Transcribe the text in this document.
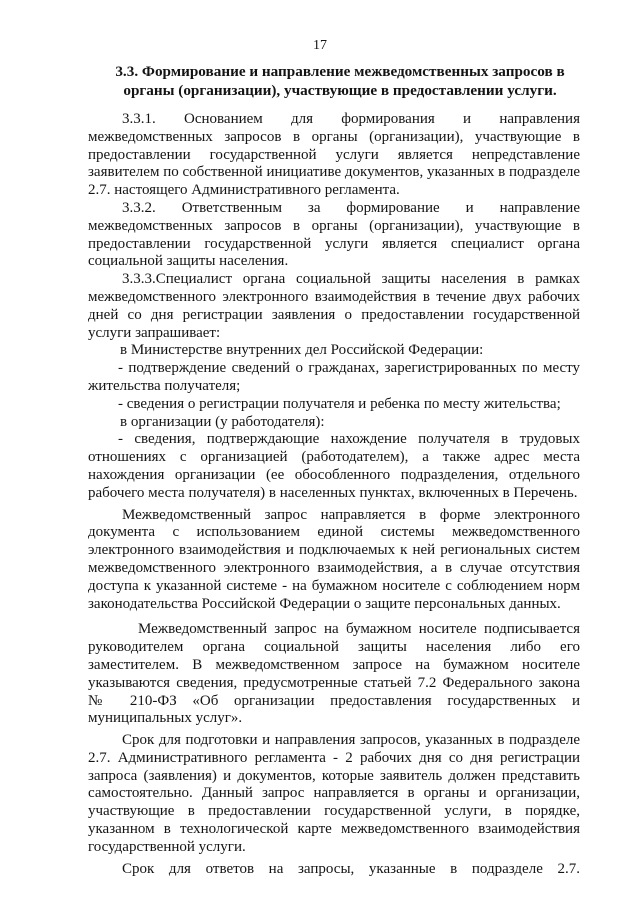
17
3.3. Формирование и направление межведомственных запросов в органы (организации), участвующие в предоставлении услуги.

3.3.1. Основанием для формирования и направления межведомственных запросов в органы (организации), участвующие в предоставлении государственной услуги является непредставление заявителем по собственной инициативе документов, указанных в подразделе 2.7. настоящего Административного регламента.

3.3.2. Ответственным за формирование и направление межведомственных запросов в органы (организации), участвующие в предоставлении государственной услуги является специалист органа социальной защиты населения.

3.3.3.Специалист органа социальной защиты населения в рамках межведомственного электронного взаимодействия в течение двух рабочих дней со дня регистрации заявления о предоставлении государственной услуги запрашивает:

в Министерстве внутренних дел Российской Федерации:

- подтверждение сведений о гражданах, зарегистрированных по месту жительства получателя;

- сведения о регистрации получателя и ребенка по месту жительства;

в организации (у работодателя):

- сведения, подтверждающие нахождение получателя в трудовых отношениях с организацией (работодателем), а также адрес места нахождения организации (ее обособленного подразделения, отдельного рабочего места получателя) в населенных пунктах, включенных в Перечень.

Межведомственный запрос направляется в форме электронного документа с использованием единой системы межведомственного электронного взаимодействия и подключаемых к ней региональных систем межведомственного электронного взаимодействия, а в случае отсутствия доступа к указанной системе - на бумажном носителе с соблюдением норм законодательства Российской Федерации о защите персональных данных.

Межведомственный запрос на бумажном носителе подписывается руководителем органа социальной защиты населения либо его заместителем. В межведомственном запросе на бумажном носителе указываются сведения, предусмотренные статьей 7.2 Федерального закона № 210-ФЗ «Об организации предоставления государственных и муниципальных услуг».

Срок для подготовки и направления запросов, указанных в подразделе 2.7. Административного регламента - 2 рабочих дня со дня регистрации запроса (заявления) и документов, которые заявитель должен представить самостоятельно. Данный запрос направляется в органы и организации, участвующие в предоставлении государственной услуги, в порядке, указанном в технологической карте межведомственного взаимодействия государственной услуги.

Срок для ответов на запросы, указанные в подразделе 2.7.
